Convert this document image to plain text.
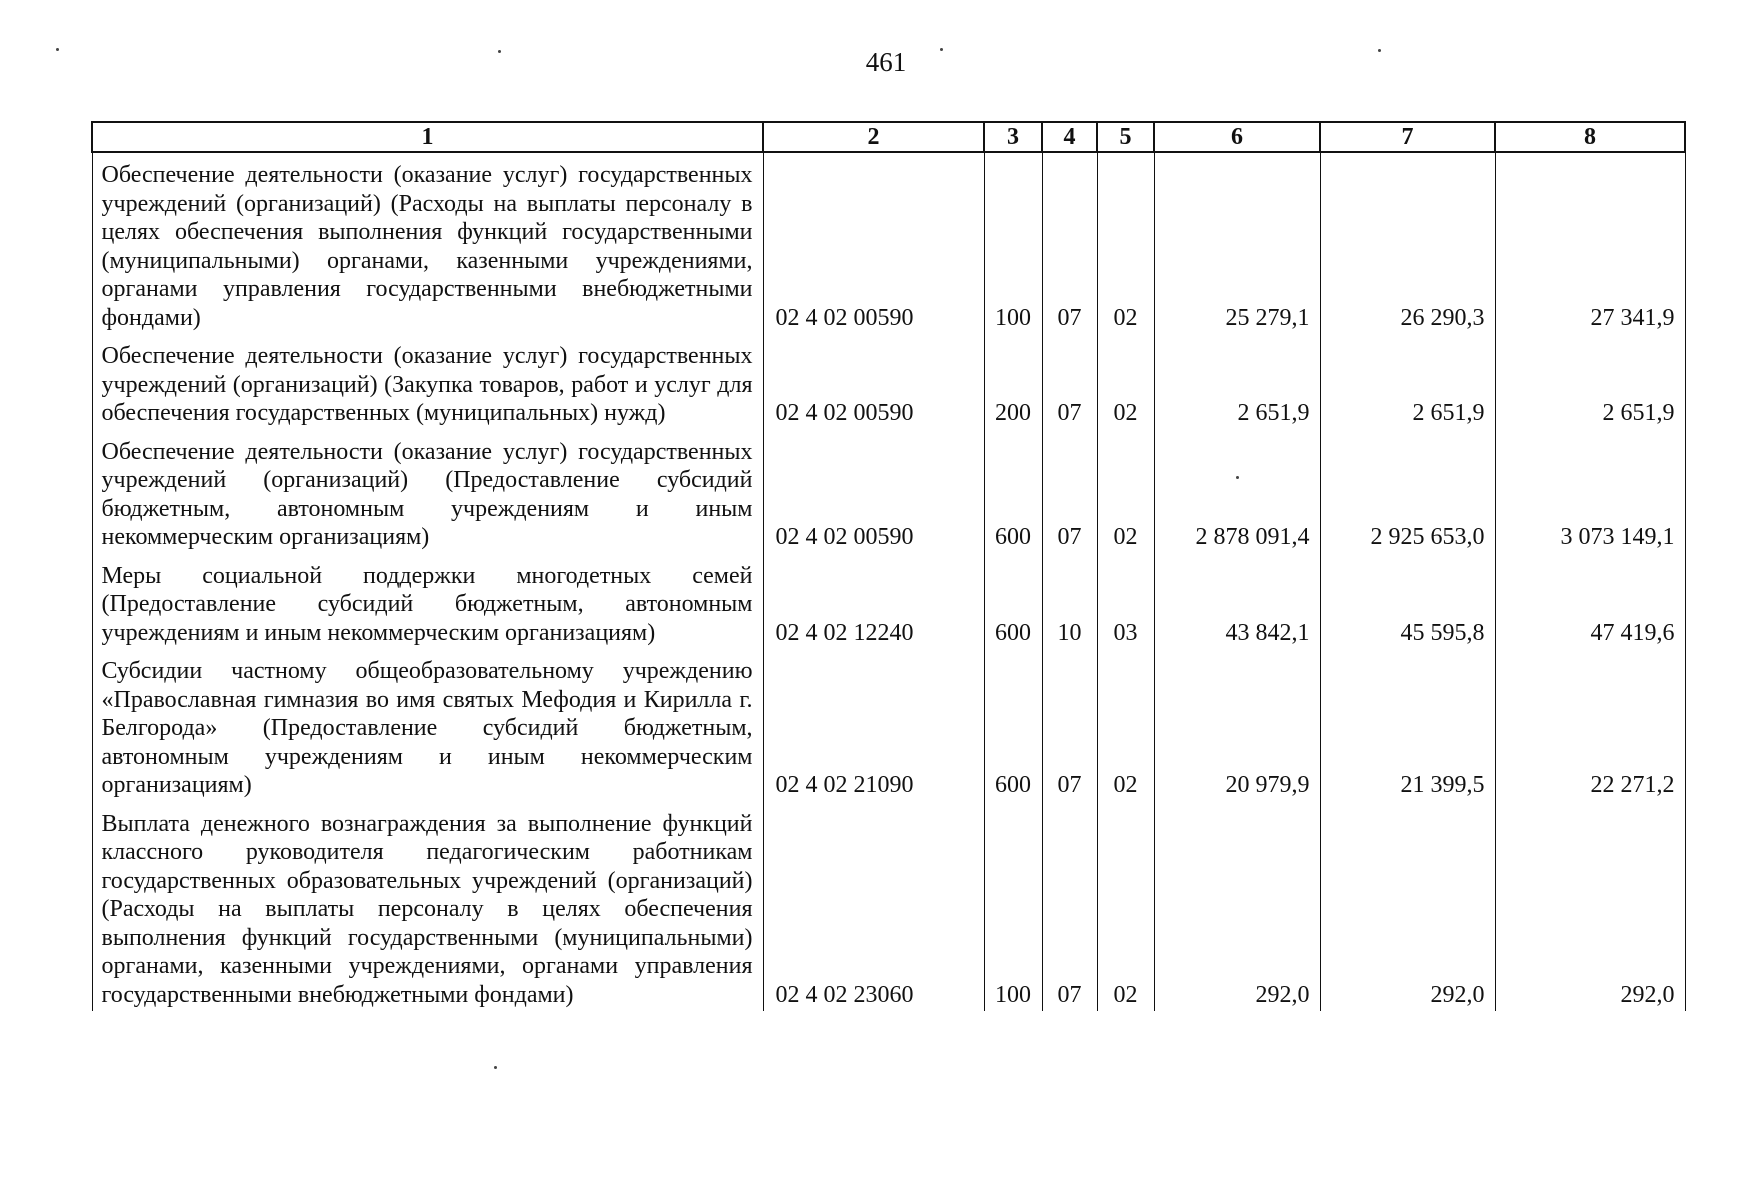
461
1	2	3	4	5	6	7	8
Обеспечение деятельности (оказание услуг) государственных учреждений (организаций) (Расходы на выплаты персоналу в целях обеспечения выполнения функций государственными (муниципальными) органами, казенными учреждениями, органами управления государственными внебюджетными фондами)	02 4 02 00590	100	07	02	25 279,1	26 290,3	27 341,9
Обеспечение деятельности (оказание услуг) государственных учреждений (организаций) (Закупка товаров, работ и услуг для обеспечения государственных (муниципальных) нужд)	02 4 02 00590	200	07	02	2 651,9	2 651,9	2 651,9
Обеспечение деятельности (оказание услуг) государственных учреждений (организаций) (Предоставление субсидий бюджетным, автономным учреждениям и иным некоммерческим организациям)	02 4 02 00590	600	07	02	2 878 091,4	2 925 653,0	3 073 149,1
Меры социальной поддержки многодетных семей (Предоставление субсидий бюджетным, автономным учреждениям и иным некоммерческим организациям)	02 4 02 12240	600	10	03	43 842,1	45 595,8	47 419,6
Субсидии частному общеобразовательному учреждению «Православная гимназия во имя святых Мефодия и Кирилла г. Белгорода» (Предоставление субсидий бюджетным, автономным учреждениям и иным некоммерческим организациям)	02 4 02 21090	600	07	02	20 979,9	21 399,5	22 271,2
Выплата денежного вознаграждения за выполнение функций классного руководителя педагогическим работникам государственных образовательных учреждений (организаций) (Расходы на выплаты персоналу в целях обеспечения выполнения функций государственными (муниципальными) органами, казенными учреждениями, органами управления государственными внебюджетными фондами)	02 4 02 23060	100	07	02	292,0	292,0	292,0
